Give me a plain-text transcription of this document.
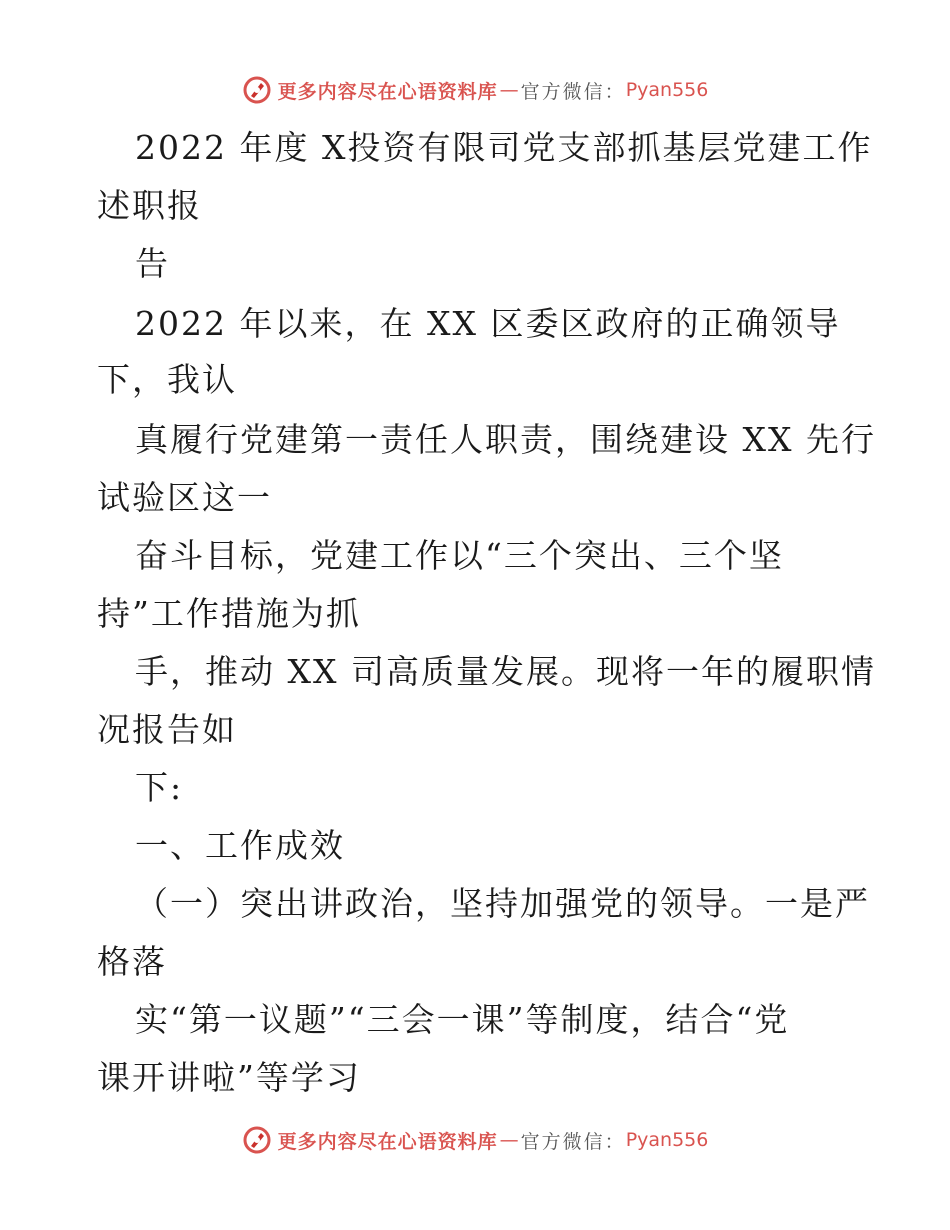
更多内容尽在心语资料库 — 官方微信： Pyan556
2022 年度 X投资有限司党支部抓基层党建工作
述职报
告
2022 年以来，在 XX 区委区政府的正确领导
下，我认
真履行党建第一责任人职责，围绕建设 XX 先行
试验区这一
奋斗目标，党建工作以“三个突出、三个坚
持”工作措施为抓
手，推动 XX 司高质量发展。现将一年的履职情
况报告如
下:
一、工作成效
（一）突出讲政治，坚持加强党的领导。一是严
格落
实“第一议题”“三会一课”等制度，结合“党
课开讲啦”等学习
更多内容尽在心语资料库 — 官方微信： Pyan556
